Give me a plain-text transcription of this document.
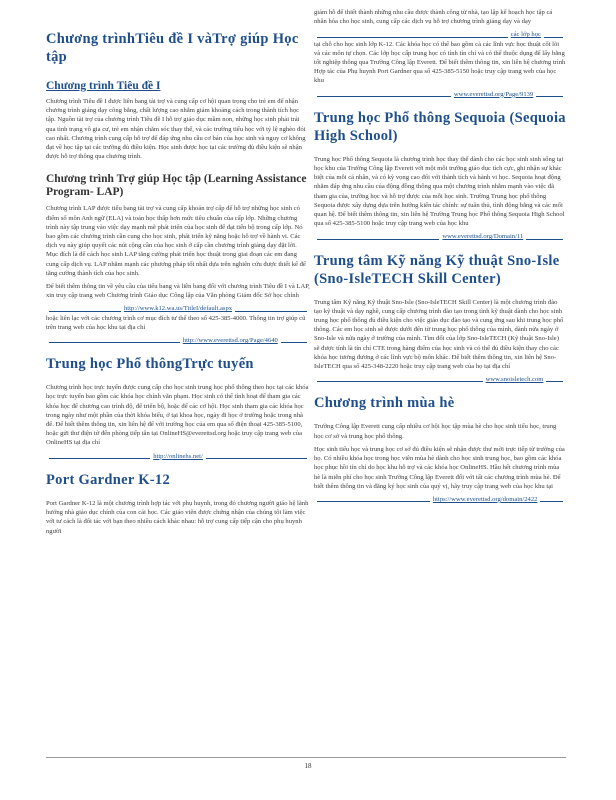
Chương trìnhTiêu đề I vàTrợ giúp Học tập
Chương trình Tiêu đề I

Chương trình Tiêu đề I được liên bang tài trợ và cung cấp cơ hội quan trọng cho trẻ em để nhận chương trình giảng dạy công bằng, chất lượng cao nhằm giảm khoảng cách trong thành tích học tập. Nguồn tài trợ của chương trình Tiêu đề I hỗ trợ giáo dục mầm non, những học sinh phải trải qua tình trạng vô gia cư, trẻ em nhận chăm sóc thay thế, và các trường tiểu học với tỷ lệ nghèo đói cao nhất. Chương trình cung cấp hỗ trợ để đáp ứng nhu cầu cơ bản của học sinh và nguy cơ không đạt về học tập tại các trường đủ điều kiện. Học sinh được học tại các trường đủ điều kiện sẽ nhận được hỗ trợ thông qua chương trình.

Chương trình Trợ giúp Học tập (Learning Assistance Program- LAP)

Chương trình LAP được tiểu bang tài trợ và cung cấp khoản trợ cấp để hỗ trợ những học sinh có điểm số môn Anh ngữ (ELA) và toán học thấp hơn mức tiêu chuẩn của cấp lớp. Những chương trình này tập trung vào việc dạy mạnh mẽ phát triển của học sinh để đạt tiến bộ trong cấp lớp. Nó bao gồm các chương trình cần cung cho học sinh, phát triển kỹ năng hoặc hỗ trợ về hành vi. Các dịch vụ này giúp quyết các nút cộng cần của học sinh ở cấp cần chương trình giảng dạy đặt lời. Mục đích là để cách học sinh LAP tăng cường phát triển học thuật trong giai đoạn các em đang cung cấp dịch vụ. LAP nhằm mạnh các phương pháp tốt nhất dựa trên nghiên cứu được thiết kế để tăng cường thành tích của học sinh.

Để biết thêm thông tin về yêu cầu của tiểu bang và liên bang đối với chương trình Tiêu đề I và LAP, xin truy cập trang web Chương trình Giáo dục Công lập của Văn phòng Giám đốc Sở học chính

http://www.k12.wa.us/TitleI/default.aspx

hoặc liên lạc với các chương trình cơ mục đích tư thế theo số 425-385-4000. Thông tin trợ giúp cũ trên trang web của học khu tại địa chỉ

http://www.everettsd.org/Page/4640
Trung học Phổ thôngTrực tuyến

Chương trình học trực tuyến được cung cấp cho học sinh trung học phổ thông theo học tại các khóa học trực tuyến bao gồm các khóa học chính văn phạm. Học sinh có thể tính hoạt để tham gia các khóa học để chương cao trình độ, để triển bộ, hoặc để các cơ hội. Học sinh tham gia các khóa học trong ngày như một phần của thời khóa biểu, ở tại khoa học, ngày đi học ở trường hoặc trong nhà để. Để biết thêm thông tin, xin liên hệ để với trường học của em qua số điện thoại 425-385-5100, hoặc gửi thư điện tử đến phòng tiếp tân tại OnlineHS@everettsd.org hoặc truy cập trang web của OnlineHS tại địa chỉ

http://onlinehs.net/
Port Gardner K-12

Port Gardner K-12 là một chương trình hợp tác với phụ huynh, trong đó chương người giáo hệ lãnh hướng nhà giáo dục chính của con cái học. Các giáo viên được chứng nhận của chúng tôi làm việc với tư cách là đối tác với bạn theo nhiều cách khác nhau: hỗ trợ cung cấp tiếp cận cho phụ huynh người

giảm hỗ để thiết thành những nhu cầu được thành công từ nhà, tạo lập kế hoạch học tập cá nhân hóa cho học sinh, cung cấp các dịch vụ hỗ trợ chương trình giảng dạy và dạy

các lớp học

tại chỗ cho học sinh lớp K-12. Các khóa học có thể bao gồm cả các lĩnh vực học thuật cốt lõi và các môn tự chọn. Các lớp học cấp trung học có tính tín chỉ và có thể thuộc dụng để lấy bằng tốt nghiệp thông qua Trường Công lập Everett. Để biết thêm thông tin, xin liên hệ chương trình Hợp tác của Phụ huynh Port Gardner qua số 425-385-5150 hoặc truy cập trang web của học khu

www.everettsd.org/Page/9139
Trung học Phổ thông Sequoia (Sequoia High School)

Trung học Phổ thông Sequoia là chương trình học thay thế dành cho các học sinh sinh sống tại học khu của Trường Công lập Everett với một môi trường giáo dục tích cực, ghi nhận sự khác biệt của mỗi cá nhân, và có kỳ vọng cao đối với thành tích và hành vi học. Sequoia hoạt động nhằm đáp ứng nhu cầu của động đồng thông qua một chương trình nhằm mạnh vào việc đã tham gia của, trường học và hỗ trợ được của mỗi học sinh. Trường Trung học phổ thông Sequoia được xây dựng dựa trên hướng kiến tác chính: sự tuân thủ, tình động bằng và các mối quan hệ. Để biết thêm thông tin, xin liên hệ Trường Trung học Phổ thông Sequoia High School qua số 425-385-5100 hoặc truy cập trang web của học khu

www.everettsd.org/Domain/11
Trung tâm Kỹ năng Kỹ thuật Sno-Isle (Sno-IsleTECH Skill Center)

Trung tâm Kỹ năng Kỹ thuật Sno-Isle (Sno-IsleTECH Skill Center) là một chương trình đào tạo kỹ thuật và dạy nghề, cung cấp chương trình đào tạo trong tình kỹ thuật dành cho học sinh trung học phổ thông đủ điều kiện cho việc giáo dục đào tạo và cung ứng sau khi trung học phổ thông. Các em học sinh sẽ được dưới đến từ trung học phổ thông của mình, dành nửa ngày ở Sno-Isle và nửa ngày ở trường của mình. Tìm đối của lớp Sno-IsleTECH (Kỹ thuật Sno-Isle) sẽ được tính là tín chỉ CTE trong hàng điểm của học sinh và có thể đủ điều kiện thay cho các khóa học tương đương ở các lĩnh vực bộ môn khác. Để biết thêm thông tin, xin liên hệ Sno-IsleTECH qua số 425-348-2220 hoặc truy cập trang web của họ tại địa chỉ

www.snoisletech.com
Chương trình mùa hè

Trường Công lập Everett cung cấp nhiều cơ hội học tập mùa hè cho học sinh tiểu học, trung học cơ sở và trung học phổ thông.

Học sinh tiểu học và trung học cơ sở đủ điều kiện sẽ nhận được thư mời trực tiếp từ trường của họ. Có nhiều khóa học trong học viên mùa hè dành cho học sinh trung học, bao gồm các khóa học phục hồi tín chỉ do học khu hỗ trợ và các khóa học OnlineHS. Hầu hết chương trình mùa hè là miễn phí cho học sinh Trường Công lập Everett đối với tất các chương trình mùa hè. Để biết thêm thông tin và đăng ký học sinh của quý vị, hãy truy cập trang web của học khu tại

https://www.everettsd.org/domain/2422
18
